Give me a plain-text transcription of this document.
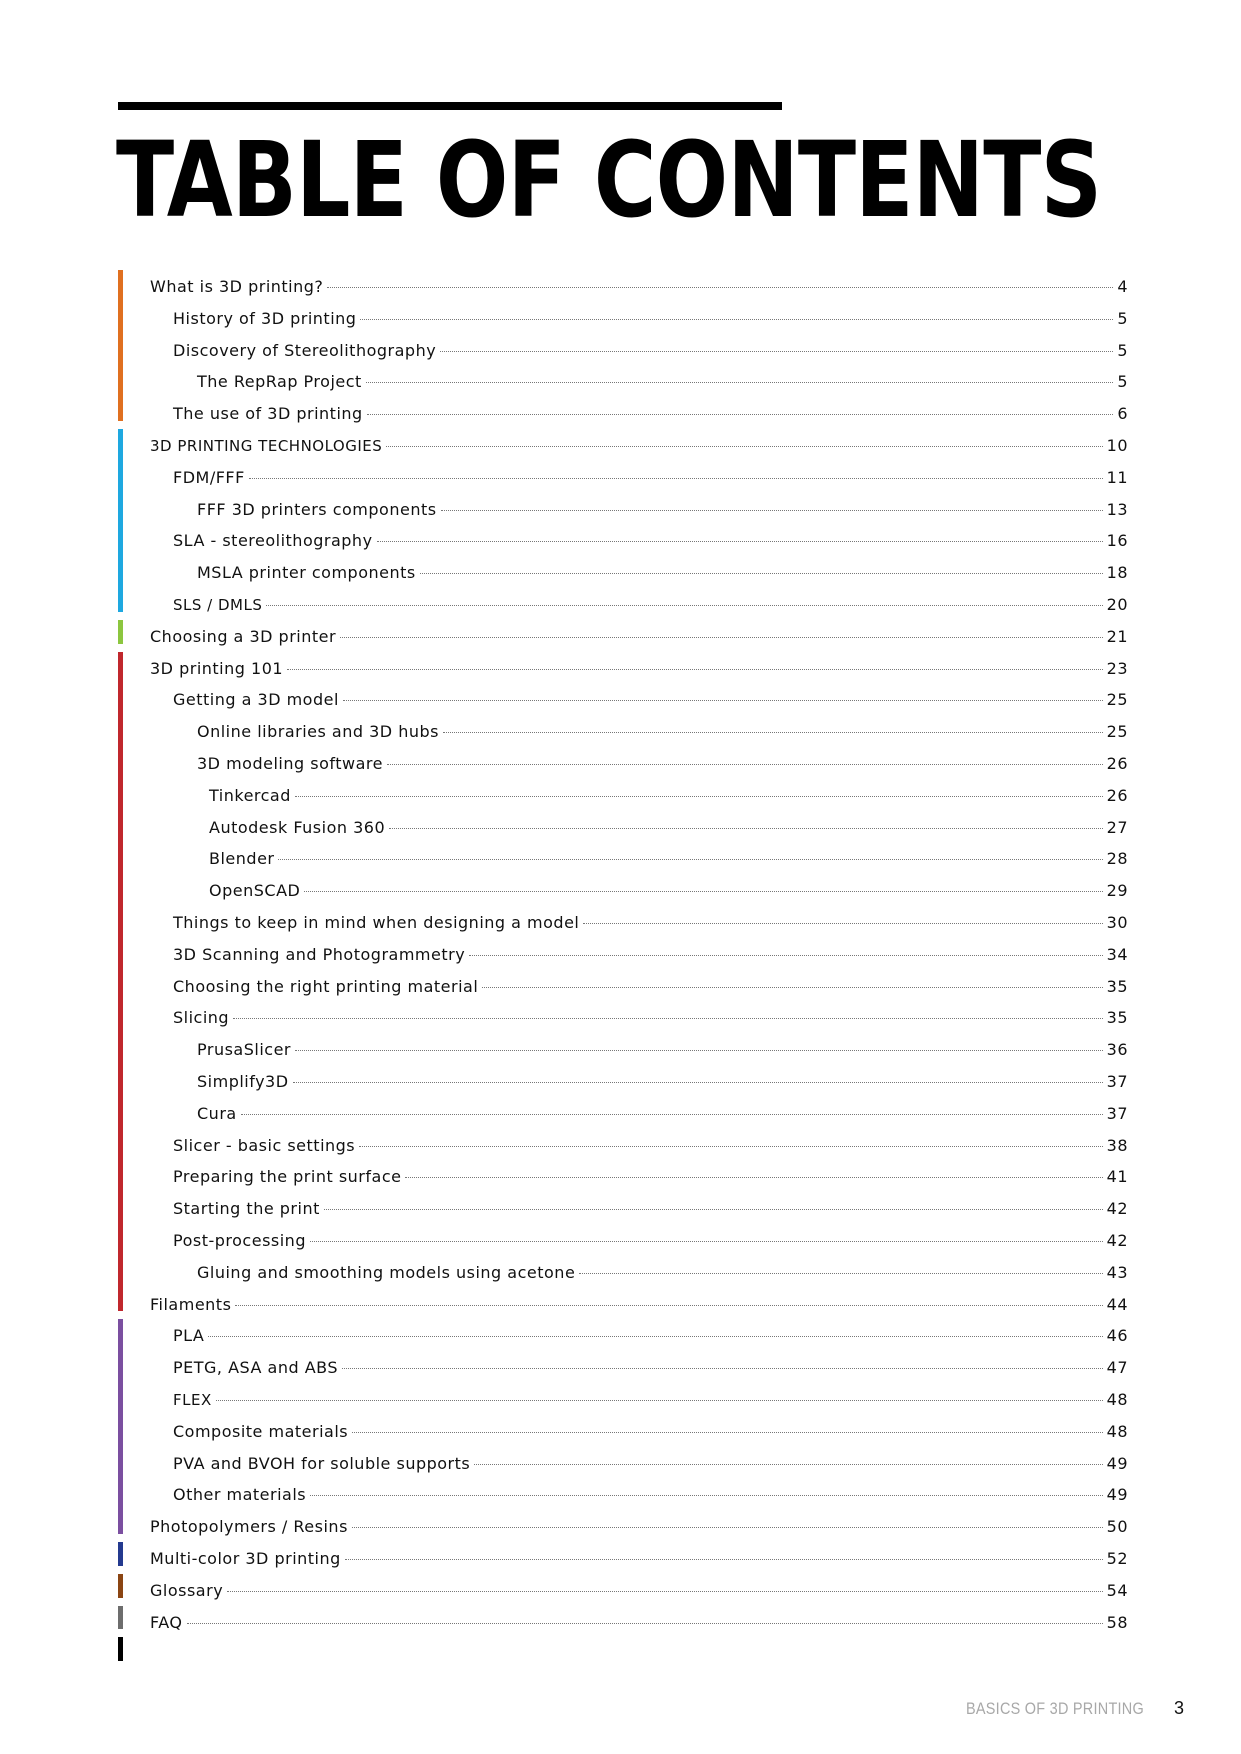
TABLE OF CONTENTS
What is 3D printing?	4
History of 3D printing	5
Discovery of Stereolithography	5
The RepRap Project	5
The use of 3D printing	6
3D PRINTING TECHNOLOGIES	10
FDM/FFF	11
FFF 3D printers components	13
SLA - stereolithography	16
MSLA printer components	18
SLS / DMLS	20
Choosing a 3D printer	21
3D printing 101	23
Getting a 3D model	25
Online libraries and 3D hubs	25
3D modeling software	26
Tinkercad	26
Autodesk Fusion 360	27
Blender	28
OpenSCAD	29
Things to keep in mind when designing a model	30
3D Scanning and Photogrammetry	34
Choosing the right printing material	35
Slicing	35
PrusaSlicer	36
Simplify3D	37
Cura	37
Slicer - basic settings	38
Preparing the print surface	41
Starting the print	42
Post-processing	42
Gluing and smoothing models using acetone	43
Filaments	44
PLA	46
PETG, ASA and ABS	47
FLEX	48
Composite materials	48
PVA and BVOH for soluble supports	49
Other materials	49
Photopolymers / Resins	50
Multi-color 3D printing	52
Glossary	54
FAQ	58
BASICS OF 3D PRINTING 3
